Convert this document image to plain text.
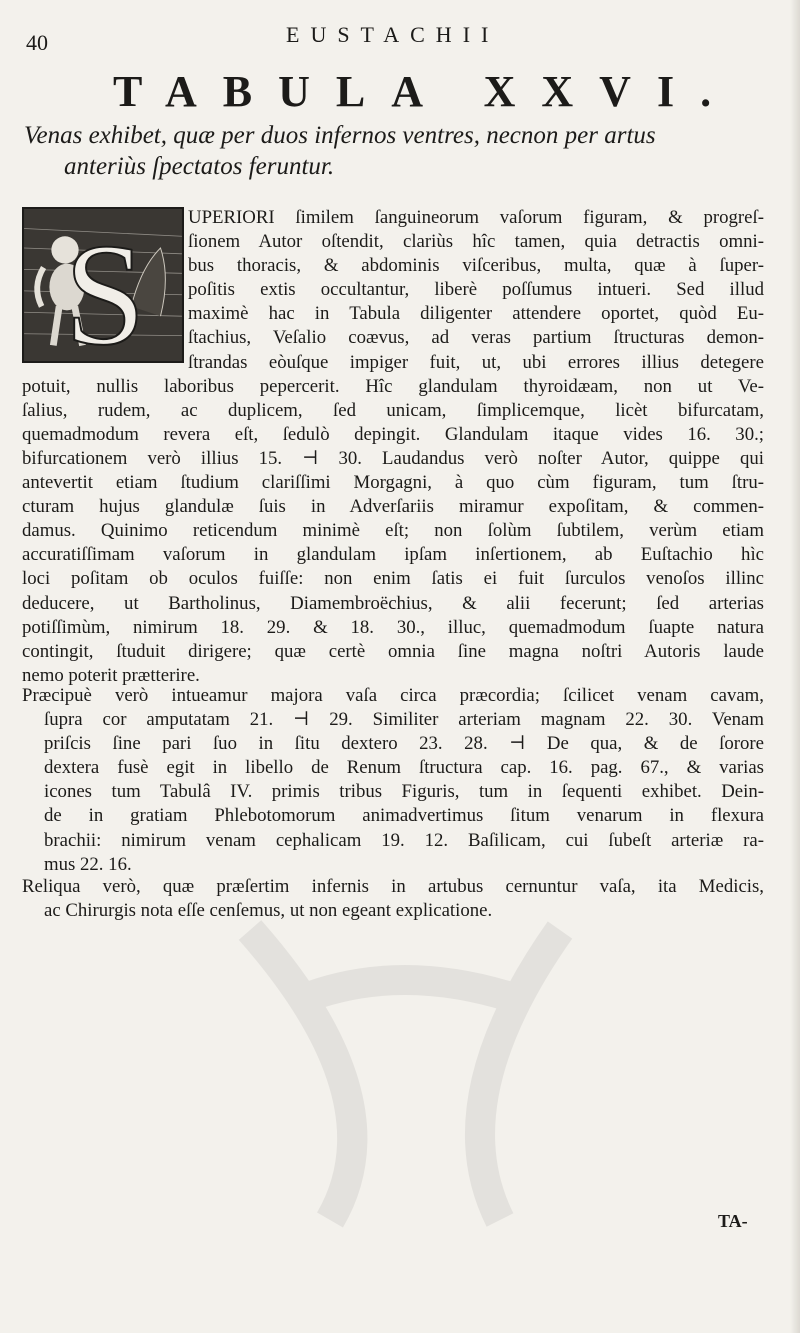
40	EUSTACHII
TABULA XXVI.
Venas exhibet, quæ per duos infernos ventres, necnon per artus
anteriùs ſpectatos feruntur.
S UPERIORI ſimilem ſanguineorum vaſorum figuram, & progreſ-
ſionem Autor oſtendit, clariùs hîc tamen, quia detractis omni-
bus thoracis, & abdominis viſceribus, multa, quæ à ſuper-
poſitis extis occultantur, liberè poſſumus intueri. Sed illud
maximè hac in Tabula diligenter attendere oportet, quòd Eu-
ſtachius, Veſalio coævus, ad veras partium ſtructuras demon-
ſtrandas eòuſque impiger fuit, ut, ubi errores illius detegere
potuit, nullis laboribus pepercerit. Hîc glandulam thyroidæam, non ut Ve-
ſalius, rudem, ac duplicem, ſed unicam, ſimplicemque, licèt bifurcatam,
quemadmodum revera eſt, ſedulò depingit. Glandulam itaque vides 16. 30.;
bifurcationem verò illius 15. ⊣ 30. Laudandus verò noſter Autor, quippe qui
antevertit etiam ſtudium clariſſimi Morgagni, à quo cùm figuram, tum ſtru-
cturam hujus glandulæ ſuis in Adverſariis miramur expoſitam, & commen-
damus. Quinimo reticendum minimè eſt; non ſolùm ſubtilem, verùm etiam
accuratiſſimam vaſorum in glandulam ipſam inſertionem, ab Euſtachio hìc
loci poſitam ob oculos fuiſſe: non enim ſatis ei fuit ſurculos venoſos illinc
deducere, ut Bartholinus, Diamembroëchius, & alii fecerunt; ſed arterias
potiſſimùm, nimirum 18. 29. & 18. 30., illuc, quemadmodum ſuapte natura
contingit, ſtuduit dirigere; quæ certè omnia ſine magna noſtri Autoris laude
nemo poterit prætterire.
Præcipuè verò intueamur majora vaſa circa præcordia; ſcilicet venam cavam,
ſupra cor amputatam 21. ⊣ 29. Similiter arteriam magnam 22. 30. Venam
priſcis ſine pari ſuo in ſitu dextero 23. 28. ⊣ De qua, & de ſorore
dextera fusè egit in libello de Renum ſtructura cap. 16. pag. 67., & varias
icones tum Tabulâ IV. primis tribus Figuris, tum in ſequenti exhibet. Dein-
de in gratiam Phlebotomorum animadvertimus ſitum venarum in flexura
brachii: nimirum venam cephalicam 19. 12. Baſilicam, cui ſubeſt arteriæ ra-
mus 22. 16.
Reliqua verò, quæ præſertim infernis in artubus cernuntur vaſa, ita Medicis,
ac Chirurgis nota eſſe cenſemus, ut non egeant explicatione.
TA-
